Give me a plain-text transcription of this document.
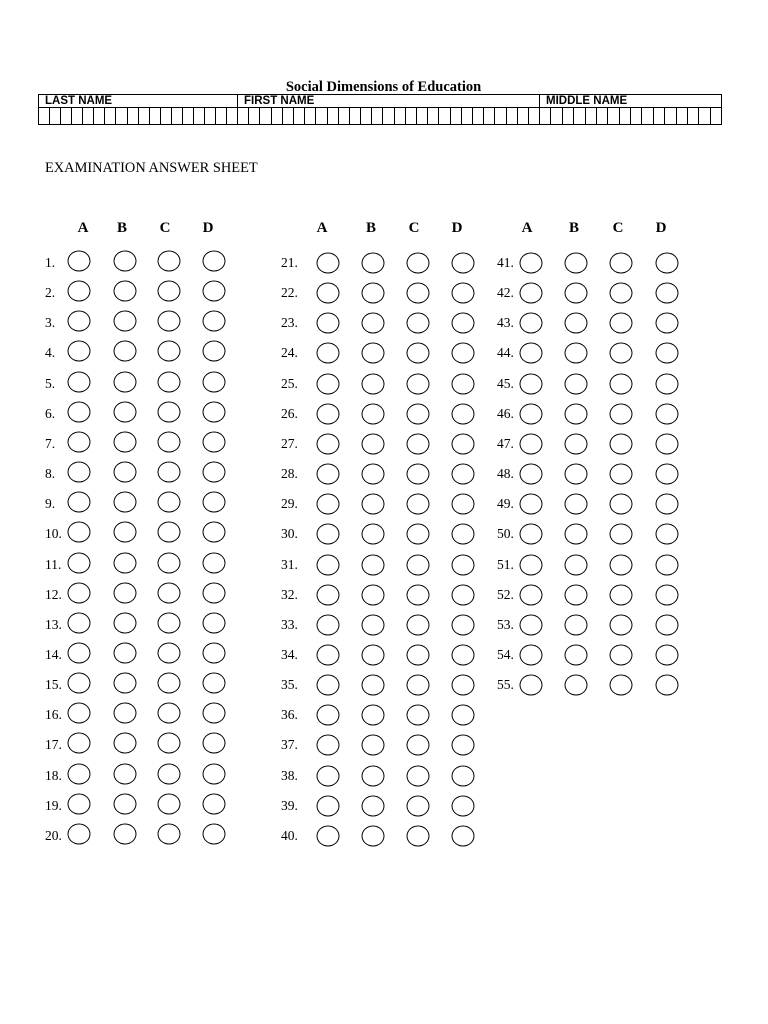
Social Dimensions of Education
LAST NAME	FIRST NAME	MIDDLE NAME
EXAMINATION ANSWER SHEET
A B C D
1.
2.
3.
4.
5.
6.
7.
8.
9.
10.
11.
12.
13.
14.
15.
16.
17.
18.
19.
20.
A	B C D
21.
22.
23.
24.
25.
26.
27.
28.
29.
30.
31.
32.
33.
34.
35.
36.
37.
38.
39.
40.
A B C D
41.
42.
43.
44.
45.
46.
47.
48.
49.
50.
51.
52.
53.
54.
55.
